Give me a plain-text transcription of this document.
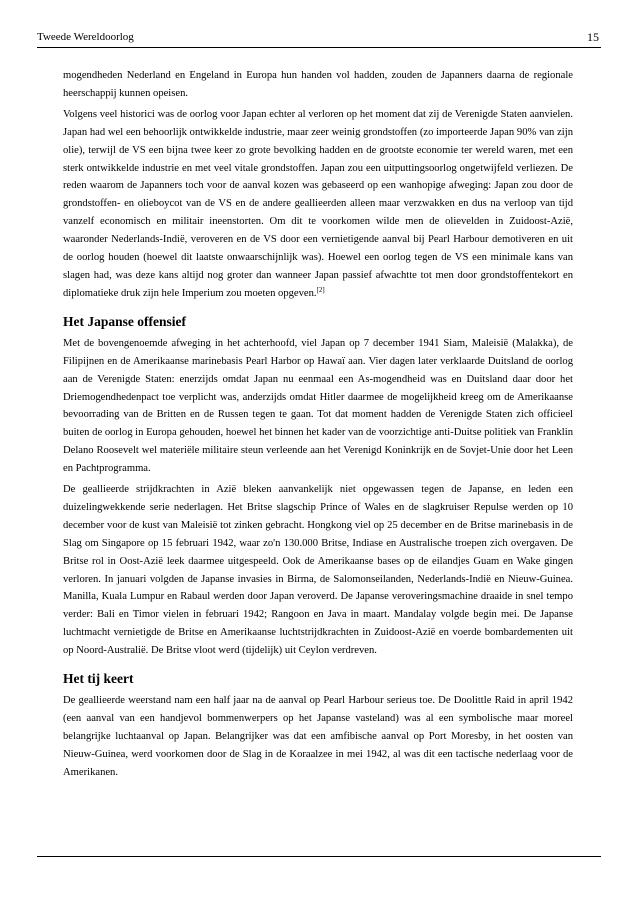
Tweede Wereldoorlog	15

mogendheden Nederland en Engeland in Europa hun handen vol hadden, zouden de Japanners daarna de regionale heerschappij kunnen opeisen.

Volgens veel historici was de oorlog voor Japan echter al verloren op het moment dat zij de Verenigde Staten aanvielen. Japan had wel een behoorlijk ontwikkelde industrie, maar zeer weinig grondstoffen (zo importeerde Japan 90% van zijn olie), terwijl de VS een bijna twee keer zo grote bevolking hadden en de grootste economie ter wereld waren, met een sterk ontwikkelde industrie en met veel vitale grondstoffen. Japan zou een uitputtingsoorlog ongetwijfeld verliezen. De reden waarom de Japanners toch voor de aanval kozen was gebaseerd op een wanhopige afweging: Japan zou door de grondstoffen- en olieboycot van de VS en de andere geallieerden alleen maar verzwakken en dus na verloop van tijd vanzelf economisch en militair ineenstorten. Om dit te voorkomen wilde men de olievelden in Zuidoost-Azië, waaronder Nederlands-Indië, veroveren en de VS door een vernietigende aanval bij Pearl Harbour demotiveren en uit de oorlog houden (hoewel dit laatste onwaarschijnlijk was). Hoewel een oorlog tegen de VS een minimale kans van slagen had, was deze kans altijd nog groter dan wanneer Japan passief afwachtte tot men door grondstoffentekort en diplomatieke druk zijn hele Imperium zou moeten opgeven.[2]

Het Japanse offensief

Met de bovengenoemde afweging in het achterhoofd, viel Japan op 7 december 1941 Siam, Maleisië (Malakka), de Filipijnen en de Amerikaanse marinebasis Pearl Harbor op Hawaï aan. Vier dagen later verklaarde Duitsland de oorlog aan de Verenigde Staten: enerzijds omdat Japan nu eenmaal een As-mogendheid was en Duitsland daar door het Driemogendhedenpact toe verplicht was, anderzijds omdat Hitler daarmee de mogelijkheid kreeg om de Amerikaanse bevoorrading van de Britten en de Russen tegen te gaan. Tot dat moment hadden de Verenigde Staten zich officieel buiten de oorlog in Europa gehouden, hoewel het binnen het kader van de voorzichtige anti-Duitse politiek van Franklin Delano Roosevelt wel materiële militaire steun verleende aan het Verenigd Koninkrijk en de Sovjet-Unie door het Leen en Pachtprogramma.

De geallieerde strijdkrachten in Azië bleken aanvankelijk niet opgewassen tegen de Japanse, en leden een duizelingwekkende serie nederlagen. Het Britse slagschip Prince of Wales en de slagkruiser Repulse werden op 10 december voor de kust van Maleisië tot zinken gebracht. Hongkong viel op 25 december en de Britse marinebasis in de Slag om Singapore op 15 februari 1942, waar zo'n 130.000 Britse, Indiase en Australische troepen zich overgaven. De Britse rol in Oost-Azië leek daarmee uitgespeeld. Ook de Amerikaanse bases op de eilandjes Guam en Wake gingen verloren. In januari volgden de Japanse invasies in Birma, de Salomonseilanden, Nederlands-Indië en Nieuw-Guinea. Manilla, Kuala Lumpur en Rabaul werden door Japan veroverd. De Japanse veroveringsmachine draaide in snel tempo verder: Bali en Timor vielen in februari 1942; Rangoon en Java in maart. Mandalay volgde begin mei. De Japanse luchtmacht vernietigde de Britse en Amerikaanse luchtstrijdkrachten in Zuidoost-Azië en voerde bombardementen uit op Noord-Australië. De Britse vloot werd (tijdelijk) uit Ceylon verdreven.

Het tij keert

De geallieerde weerstand nam een half jaar na de aanval op Pearl Harbour serieus toe. De Doolittle Raid in april 1942 (een aanval van een handjevol bommenwerpers op het Japanse vasteland) was al een symbolische maar moreel belangrijke luchtaanval op Japan. Belangrijker was dat een amfibische aanval op Port Moresby, in het oosten van Nieuw-Guinea, werd voorkomen door de Slag in de Koraalzee in mei 1942, al was dit een tactische nederlaag voor de Amerikanen.
